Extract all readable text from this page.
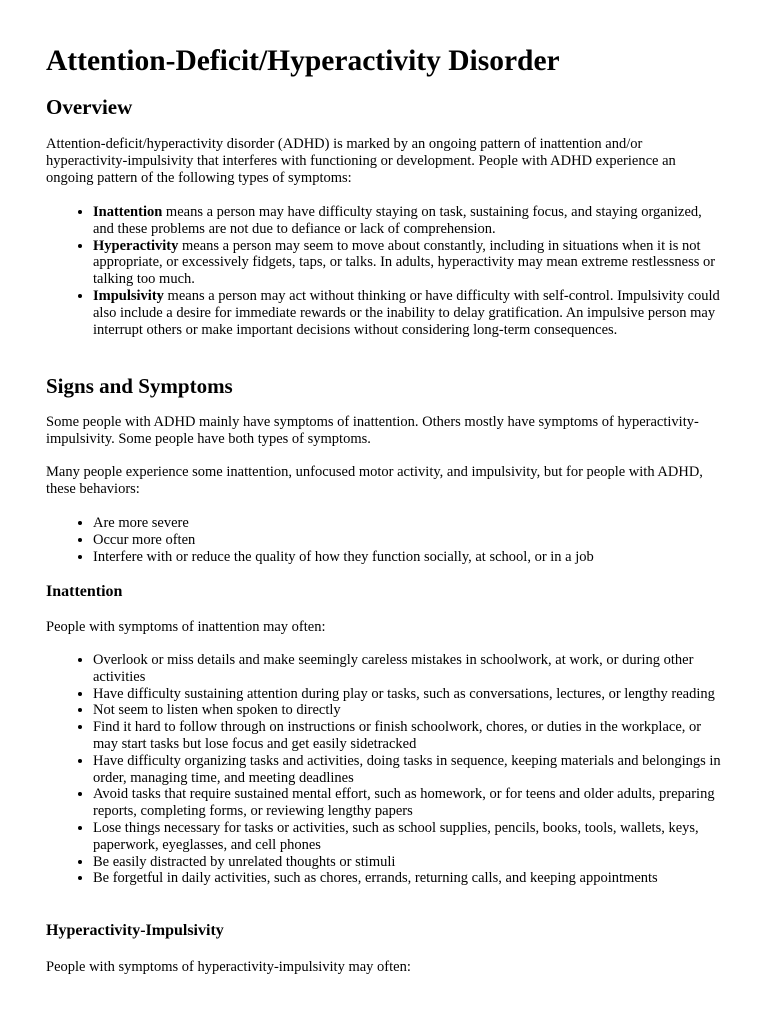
Attention-Deficit/Hyperactivity Disorder
Overview

Attention-deficit/hyperactivity disorder (ADHD) is marked by an ongoing pattern of inattention and/or hyperactivity-impulsivity that interferes with functioning or development. People with ADHD experience an ongoing pattern of the following types of symptoms:

• Inattention means a person may have difficulty staying on task, sustaining focus, and staying organized, and these problems are not due to defiance or lack of comprehension.
• Hyperactivity means a person may seem to move about constantly, including in situations when it is not appropriate, or excessively fidgets, taps, or talks. In adults, hyperactivity may mean extreme restlessness or talking too much.
• Impulsivity means a person may act without thinking or have difficulty with self-control. Impulsivity could also include a desire for immediate rewards or the inability to delay gratification. An impulsive person may interrupt others or make important decisions without considering long-term consequences.
Signs and Symptoms

Some people with ADHD mainly have symptoms of inattention. Others mostly have symptoms of hyperactivity-impulsivity. Some people have both types of symptoms.

Many people experience some inattention, unfocused motor activity, and impulsivity, but for people with ADHD, these behaviors:

• Are more severe
• Occur more often
• Interfere with or reduce the quality of how they function socially, at school, or in a job
Inattention

People with symptoms of inattention may often:

• Overlook or miss details and make seemingly careless mistakes in schoolwork, at work, or during other activities
• Have difficulty sustaining attention during play or tasks, such as conversations, lectures, or lengthy reading
• Not seem to listen when spoken to directly
• Find it hard to follow through on instructions or finish schoolwork, chores, or duties in the workplace, or may start tasks but lose focus and get easily sidetracked
• Have difficulty organizing tasks and activities, doing tasks in sequence, keeping materials and belongings in order, managing time, and meeting deadlines
• Avoid tasks that require sustained mental effort, such as homework, or for teens and older adults, preparing reports, completing forms, or reviewing lengthy papers
• Lose things necessary for tasks or activities, such as school supplies, pencils, books, tools, wallets, keys, paperwork, eyeglasses, and cell phones
• Be easily distracted by unrelated thoughts or stimuli
• Be forgetful in daily activities, such as chores, errands, returning calls, and keeping appointments
Hyperactivity-Impulsivity

People with symptoms of hyperactivity-impulsivity may often:
